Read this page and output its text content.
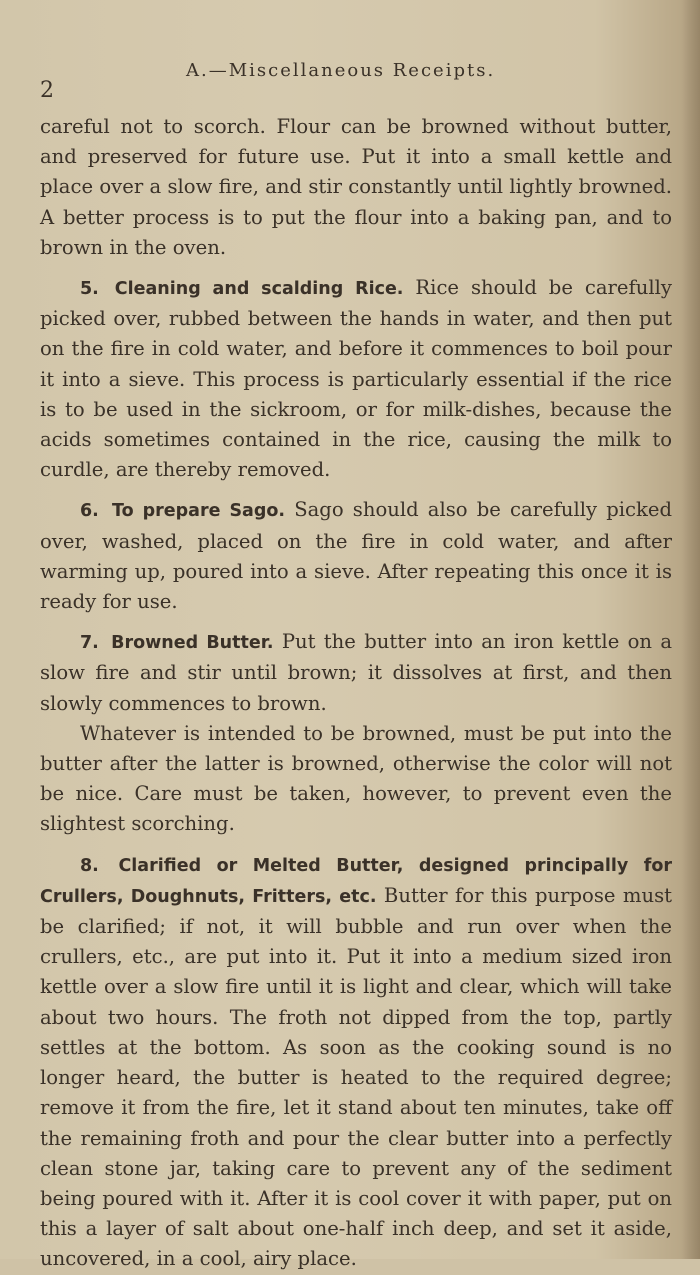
2
A.—Miscellaneous Receipts.

careful not to scorch. Flour can be browned without butter, and preserved for future use. Put it into a small kettle and place over a slow fire, and stir constantly until lightly browned. A better process is to put the flour into a baking pan, and to brown in the oven.

5. Cleaning and scalding Rice. Rice should be carefully picked over, rubbed between the hands in water, and then put on the fire in cold water, and before it commences to boil pour it into a sieve. This process is particularly essential if the rice is to be used in the sickroom, or for milk-dishes, because the acids sometimes contained in the rice, causing the milk to curdle, are thereby removed.

6. To prepare Sago. Sago should also be carefully picked over, washed, placed on the fire in cold water, and after warming up, poured into a sieve. After repeating this once it is ready for use.

7. Browned Butter. Put the butter into an iron kettle on a slow fire and stir until brown; it dissolves at first, and then slowly commences to brown.

Whatever is intended to be browned, must be put into the butter after the latter is browned, otherwise the color will not be nice. Care must be taken, however, to prevent even the slightest scorching.

8. Clarified or Melted Butter, designed principally for Crullers, Doughnuts, Fritters, etc. Butter for this purpose must be clarified; if not, it will bubble and run over when the crullers, etc., are put into it. Put it into a medium sized iron kettle over a slow fire until it is light and clear, which will take about two hours. The froth not dipped from the top, partly settles at the bottom. As soon as the cooking sound is no longer heard, the butter is heated to the required degree; remove it from the fire, let it stand about ten minutes, take off the remaining froth and pour the clear butter into a perfectly clean stone jar, taking care to prevent any of the sediment being poured with it. After it is cool cover it with paper, put on this a layer of salt about one-half inch deep, and set it aside, uncovered, in a cool, airy place.
